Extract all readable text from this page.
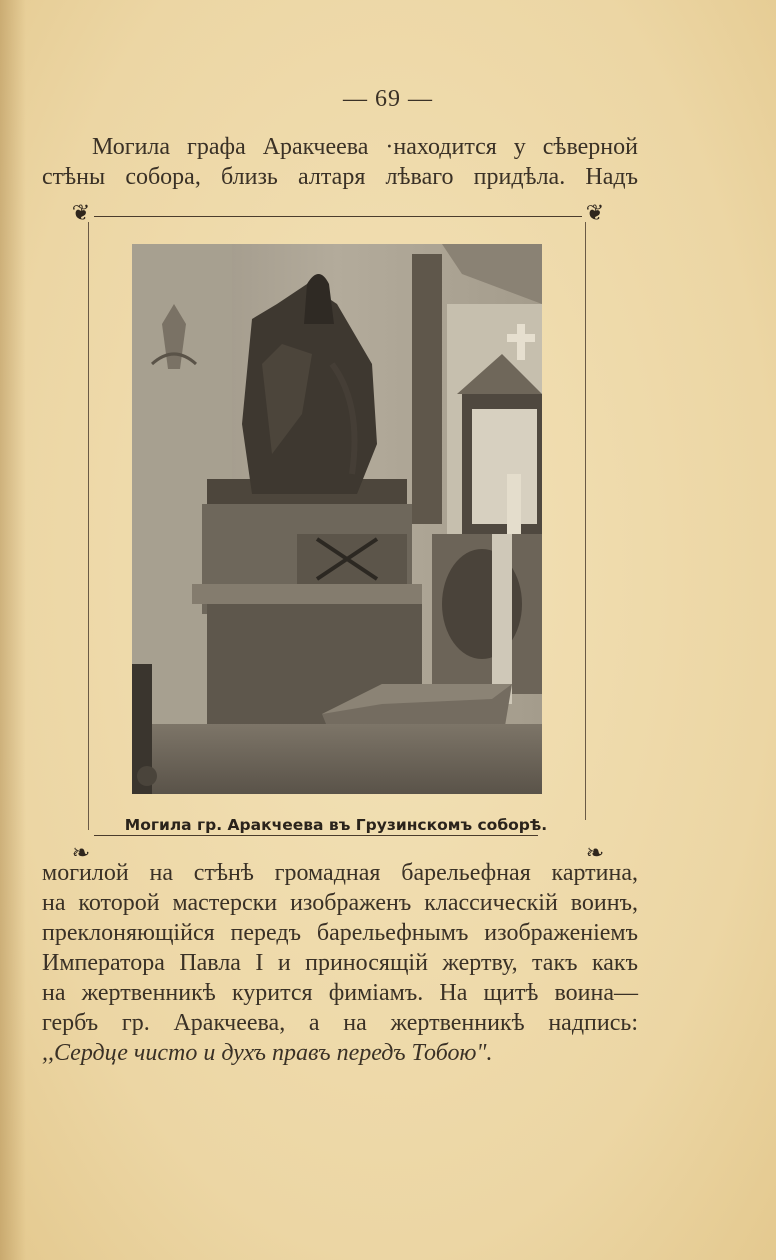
— 69 —
Могила графа Аракчеева ·находится у сѣверной
стѣны собора, близь алтаря лѣваго придѣла. Надъ
❦	❦
❧	❧
Могила гр. Аракчеева въ Грузинскомъ соборѣ.
могилой на стѣнѣ громадная барельефная картина,
на которой мастерски изображенъ классическій воинъ,
преклоняющійся передъ барельефнымъ изображеніемъ
Императора Павла I и приносящій жертву, такъ какъ
на жертвенникѣ курится фиміамъ. На щитѣ воина—
гербъ гр. Аракчеева, а на жертвенникѣ надпись:
,,Сердце чисто и духъ правъ передъ Тобою".
